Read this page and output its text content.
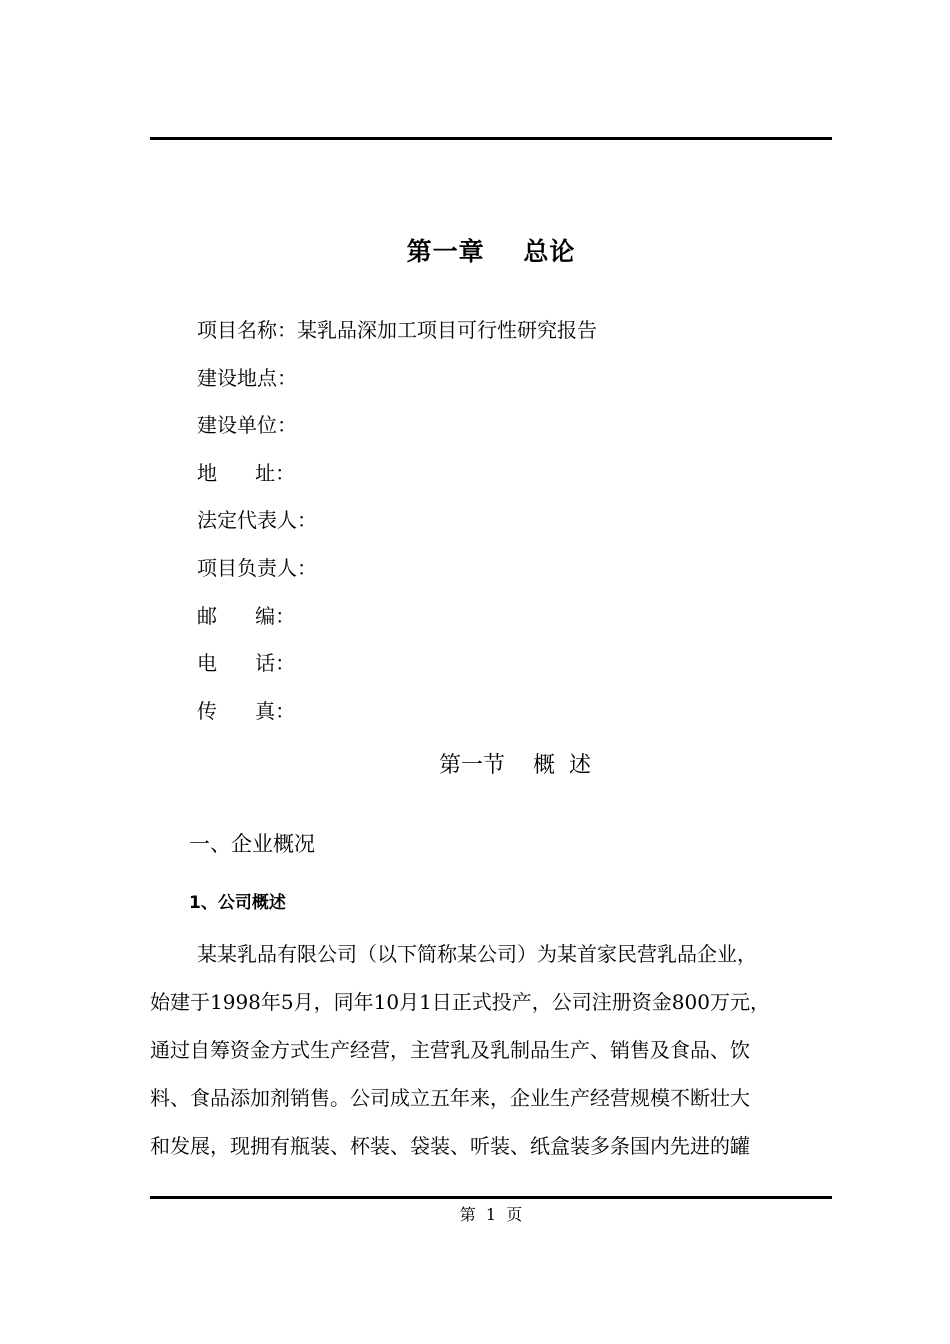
第一章    总论
项目名称：某乳品深加工项目可行性研究报告
建设地点：
建设单位：
地      址：
法定代表人：
项目负责人：
邮      编：
电      话：
传      真：
第一节    概  述
一、企业概况
1、公司概述
某某乳品有限公司（以下简称某公司）为某首家民营乳品企业，
始建于1998年5月，同年10月1日正式投产，公司注册资金800万元，
通过自筹资金方式生产经营，主营乳及乳制品生产、销售及食品、饮
料、食品添加剂销售。公司成立五年来，企业生产经营规模不断壮大
和发展，现拥有瓶装、杯装、袋装、听装、纸盒装多条国内先进的罐
第  1  页
